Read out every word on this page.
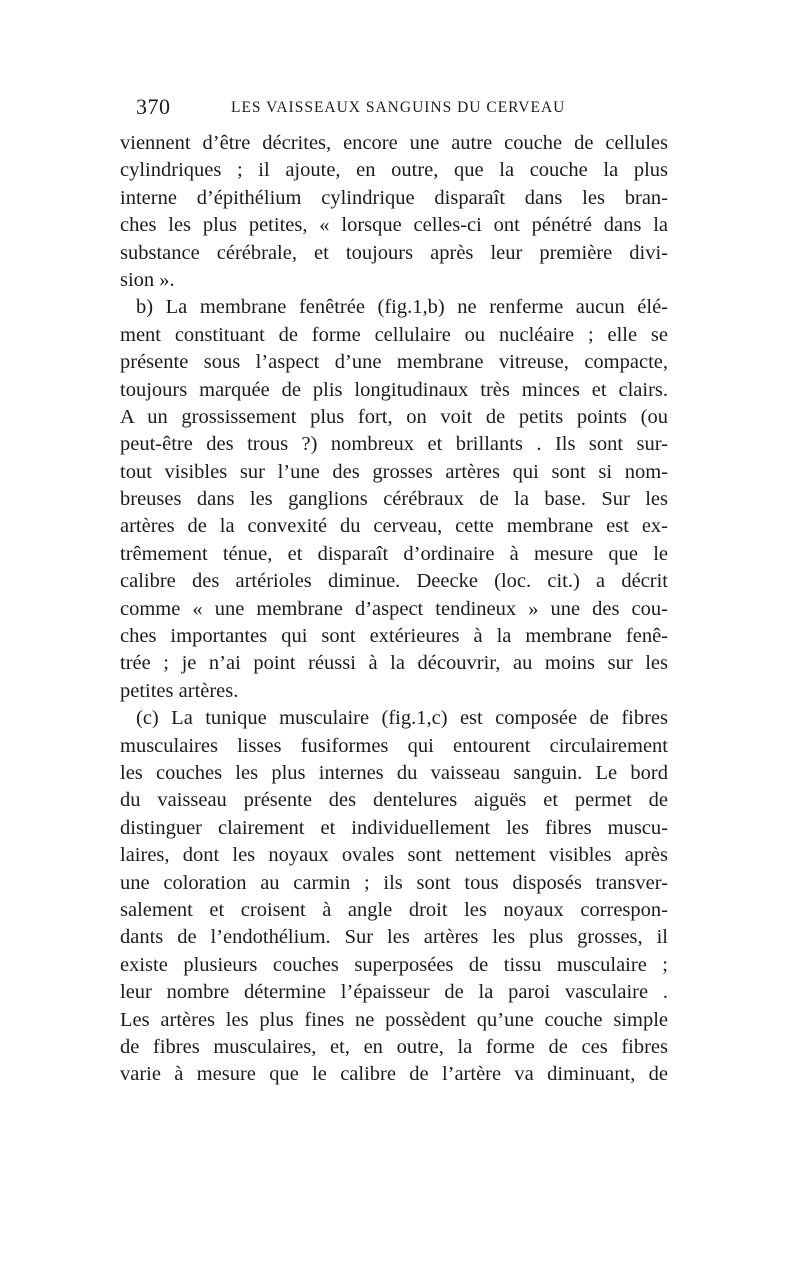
370	LES VAISSEAUX SANGUINS DU CERVEAU
viennent d’être décrites, encore une autre couche de cellules
cylindriques ; il ajoute, en outre, que la couche la plus
interne d’épithélium cylindrique disparaît dans les bran-
ches les plus petites, « lorsque celles-ci ont pénétré dans la
substance cérébrale, et toujours après leur première divi-
sion ».
b) La membrane fenêtrée (fig.1,b) ne renferme aucun élé-
ment constituant de forme cellulaire ou nucléaire ; elle se
présente sous l’aspect d’une membrane vitreuse, compacte,
toujours marquée de plis longitudinaux très minces et clairs.
A un grossissement plus fort, on voit de petits points (ou
peut-être des trous ?) nombreux et brillants . Ils sont sur-
tout visibles sur l’une des grosses artères qui sont si nom-
breuses dans les ganglions cérébraux de la base. Sur les
artères de la convexité du cerveau, cette membrane est ex-
trêmement ténue, et disparaît d’ordinaire à mesure que le
calibre des artérioles diminue. Deecke (loc. cit.) a décrit
comme « une membrane d’aspect tendineux » une des cou-
ches importantes qui sont extérieures à la membrane fenê-
trée ; je n’ai point réussi à la découvrir, au moins sur les
petites artères.
(c) La tunique musculaire (fig.1,c) est composée de fibres
musculaires lisses fusiformes qui entourent circulairement
les couches les plus internes du vaisseau sanguin. Le bord
du vaisseau présente des dentelures aiguës et permet de
distinguer clairement et individuellement les fibres muscu-
laires, dont les noyaux ovales sont nettement visibles après
une coloration au carmin ; ils sont tous disposés transver-
salement et croisent à angle droit les noyaux correspon-
dants de l’endothélium. Sur les artères les plus grosses, il
existe plusieurs couches superposées de tissu musculaire ;
leur nombre détermine l’épaisseur de la paroi vasculaire .
Les artères les plus fines ne possèdent qu’une couche simple
de fibres musculaires, et, en outre, la forme de ces fibres
varie à mesure que le calibre de l’artère va diminuant, de
